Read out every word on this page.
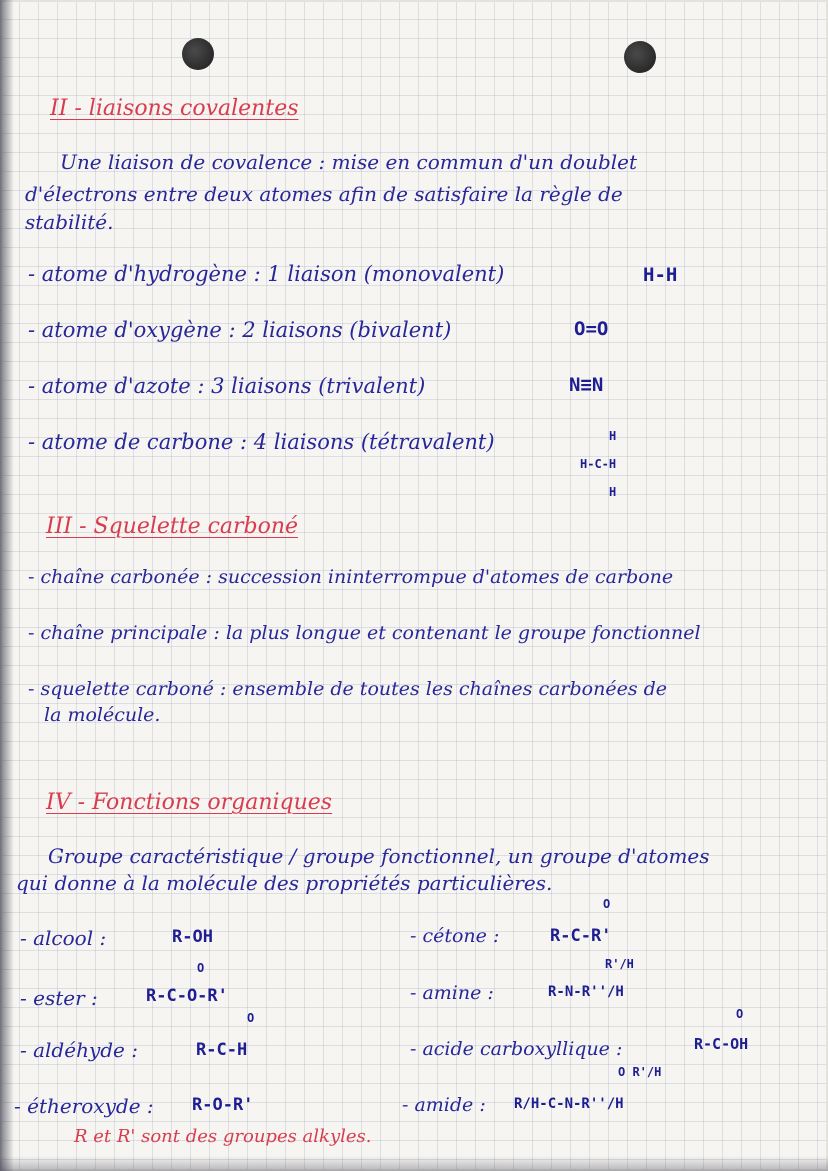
II - liaisons covalentes
Une liaison de covalence : mise en commun d'un doublet
d'électrons entre deux atomes afin de satisfaire la règle de
stabilité.
- atome d'hydrogène : 1 liaison (monovalent)	H-H
- atome d'oxygène : 2 liaisons (bivalent)	O=O
- atome d'azote : 3 liaisons (trivalent)	N≡N
- atome de carbone : 4 liaisons (tétravalent)	H
H-C-H
H
III - Squelette carboné
- chaîne carbonée : succession ininterrompue d'atomes de carbone
- chaîne principale : la plus longue et contenant le groupe fonctionnel
- squelette carboné : ensemble de toutes les chaînes carbonées de
la molécule.
IV - Fonctions organiques
Groupe caractéristique / groupe fonctionnel, un groupe d'atomes
qui donne à la molécule des propriétés particulières.
- alcool :	R-OH
- ester :
O
R-C-O-R'
- aldéhyde :
O
R-C-H
- étheroxyde : R-O-R'
- cétone :
O
R-C-R'
- amine :
R'/H
R-N-R''/H
- acide carboxyllique :
O
R-C-OH
- amide :
O R'/H
R/H-C-N-R''/H
R et R' sont des groupes alkyles.
